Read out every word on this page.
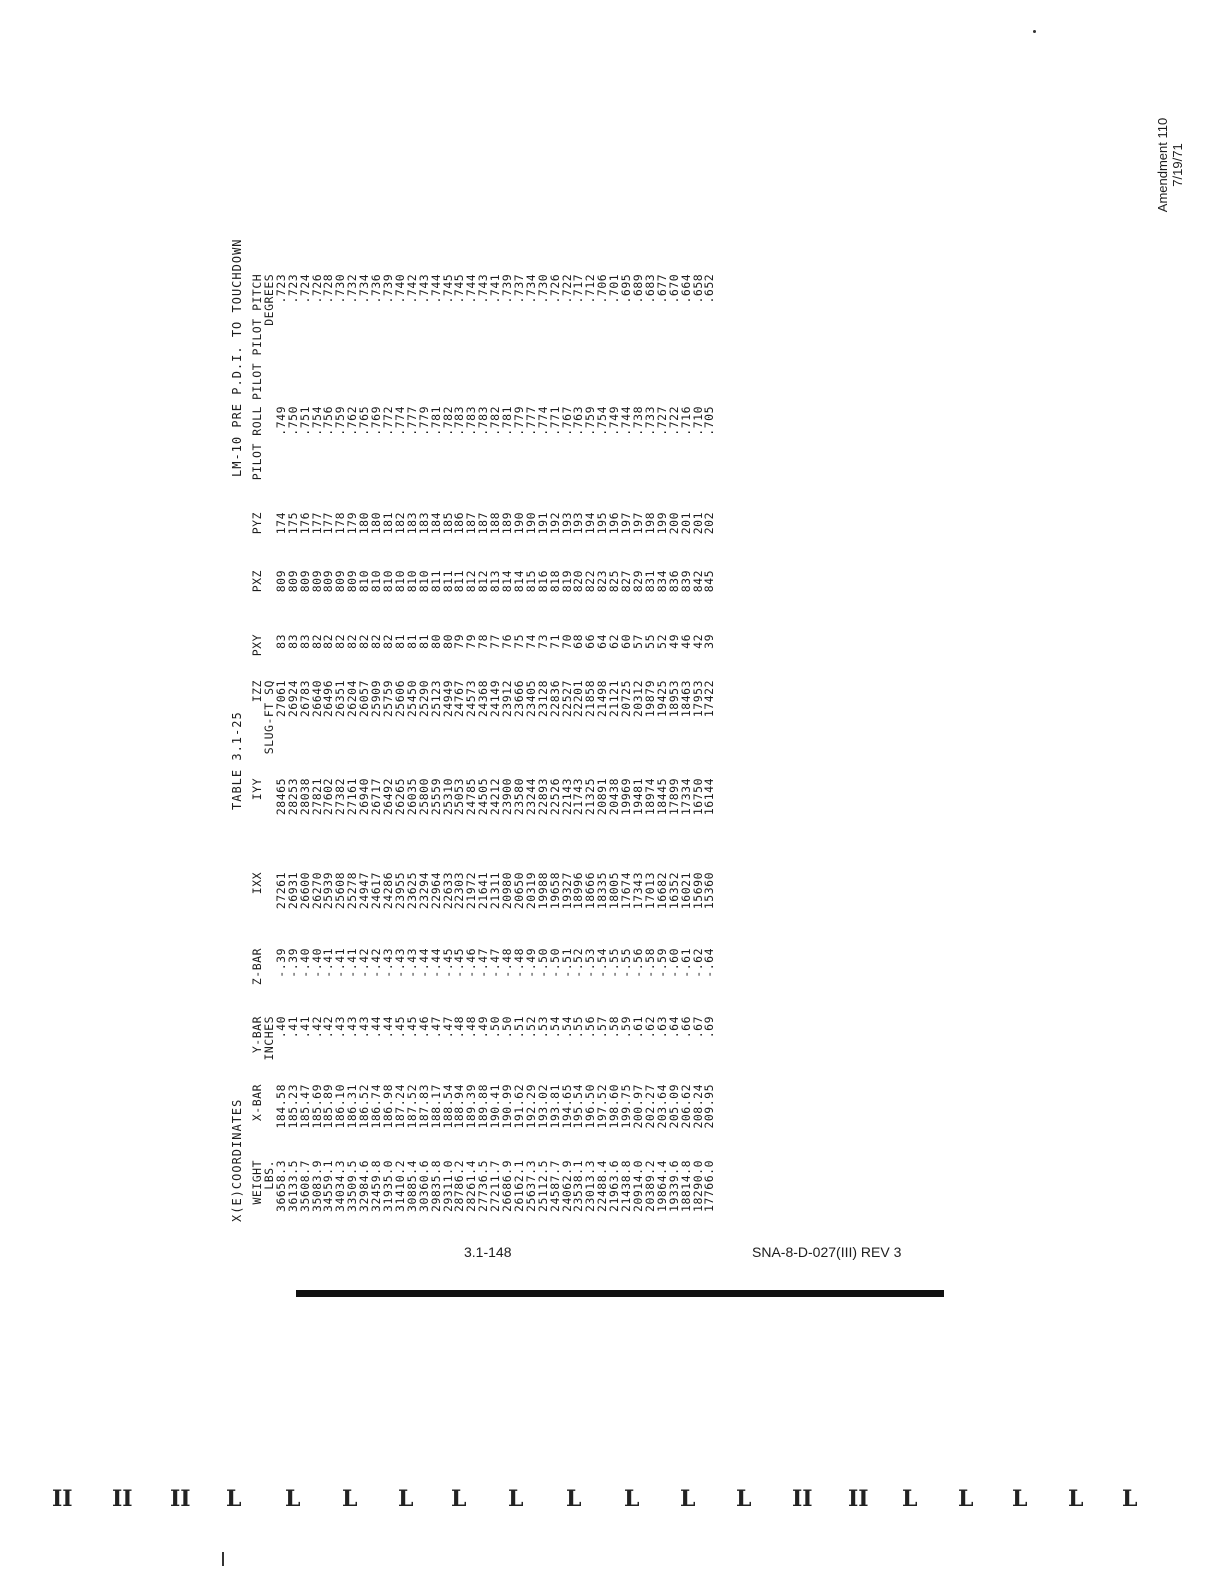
Amendment 110 7/19/71
X(E)COORDINATES
TABLE 3.1-25
LM-10 PRE P.D.I. TO TOUCHDOWN
WEIGHT	X-BAR	Y-BAR	Z-BAR	IXX	IYY	IZZ	PXY	PXZ	PYZ	PILOT ROLL	PILOT PILOT PITCH
LBS.		INCHES				SLUG-FT SQ					DEGREES
36658.3	184.58	.40	-.39	27261	28465	27061	83	809	174	.749	.723
36133.5	185.23	.41	-.39	26931	28253	26924	83	809	175	.750	.723
35608.7	185.47	.41	-.40	26600	28038	26783	83	809	176	.751	.724
35083.9	185.69	.42	-.40	26270	27821	26640	82	809	177	.754	.726
34559.1	185.89	.42	-.41	25939	27602	26496	82	809	177	.756	.728
34034.3	186.10	.43	-.41	25608	27382	26351	82	809	178	.759	.730
33509.5	186.31	.43	-.41	25278	27161	26204	82	809	179	.762	.732
32984.6	186.52	.43	-.42	24947	26940	26057	82	810	180	.765	.734
32459.8	186.74	.44	-.42	24617	26717	25909	82	810	180	.769	.736
31935.0	186.98	.44	-.43	24286	26492	25759	82	810	181	.772	.739
31410.2	187.24	.45	-.43	23955	26265	25606	81	810	182	.774	.740
30885.4	187.52	.45	-.43	23625	26035	25450	81	810	183	.777	.742
30360.6	187.83	.46	-.44	23294	25800	25290	81	810	183	.779	.743
29835.8	188.17	.47	-.44	22964	25559	25123	80	811	184	.781	.744
29311.0	188.54	.47	-.45	22633	25310	24949	80	811	185	.782	.745
28786.2	188.94	.48	-.45	22303	25053	24767	79	811	186	.783	.745
28261.4	189.39	.48	-.46	21972	24785	24573	79	812	187	.783	.744
27736.5	189.88	.49	-.47	21641	24505	24368	78	812	187	.783	.743
27211.7	190.41	.50	-.47	21311	24212	24149	77	813	188	.782	.741
26686.9	190.99	.50	-.48	20980	23900	23912	76	814	189	.781	.739
26162.1	191.62	.51	-.48	20650	23580	23666	75	814	190	.779	.737
25637.3	192.29	.52	-.49	20319	23244	23405	74	815	190	.777	.734
25112.5	193.02	.53	-.50	19988	22893	23128	73	816	191	.774	.730
24587.7	193.81	.54	-.50	19658	22526	22836	71	818	192	.771	.726
24062.9	194.65	.54	-.51	19327	22143	22527	70	819	193	.767	.722
23538.1	195.54	.55	-.52	18996	21743	22201	68	820	193	.763	.717
23013.3	196.50	.56	-.53	18666	21325	21858	66	822	194	.759	.712
22488.4	197.52	.57	-.54	18335	20891	21498	64	823	195	.754	.706
21963.6	198.60	.58	-.55	18005	20438	21121	62	825	196	.749	.701
21438.8	199.75	.59	-.55	17674	19969	20725	60	827	197	.744	.695
20914.0	200.97	.61	-.56	17343	19481	20312	57	829	197	.738	.689
20389.2	202.27	.62	-.58	17013	18974	19879	55	831	198	.733	.683
19864.4	203.64	.63	-.59	16682	18445	19425	52	834	199	.727	.677
19339.6	205.09	.64	-.60	16352	17899	18953	49	836	200	.722	.670
18814.8	206.62	.66	-.61	16021	17334	18463	46	839	201	.716	.664
18290.0	208.24	.67	-.62	15690	16750	17953	42	842	201	.710	.658
17766.0	209.95	.69	-.64	15360	16144	17422	39	845	202	.705	.652
3.1-148	SNA-8-D-027(III) REV 3
II II II L L L L L L L L L L II II L L L L L
